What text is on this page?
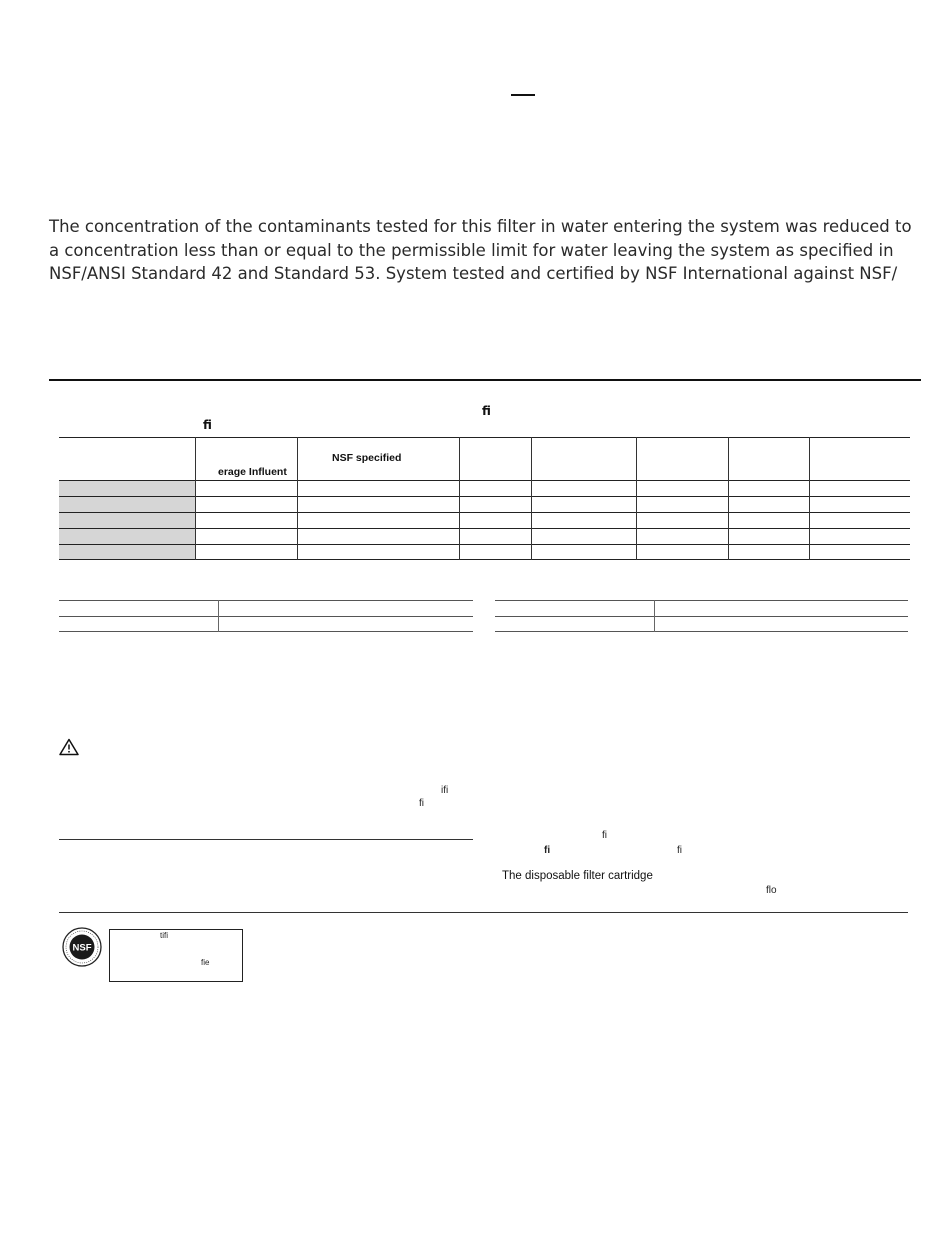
The concentration of the contaminants tested for this filter in water entering the system was reduced to a concentration less than or equal to the permissible limit for water leaving the system as specified in NSF/ANSI Standard 42 and Standard 53. System tested and certified by NSF International against NSF/
fi
fi
erage Influent
NSF specified
ifi
fi
fi
fi	fi
The disposable filter cartridge
flo
NSF
tifi
fie
